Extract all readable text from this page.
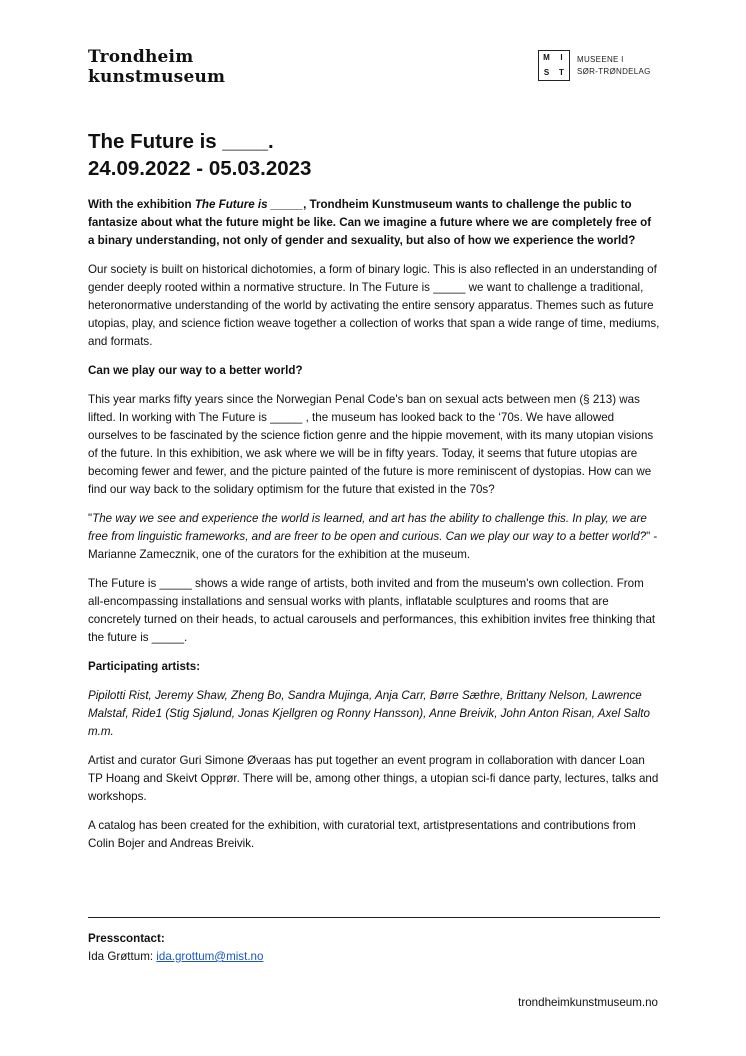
Trondheim
kunstmuseum
M	I
S	T
MUSEENE I
SØR-TRØNDELAG
The Future is ____.
24.09.2022 - 05.03.2023

With the exhibition The Future is _____, Trondheim Kunstmuseum wants to challenge the public to fantasize about what the future might be like. Can we imagine a future where we are completely free of a binary understanding, not only of gender and sexuality, but also of how we experience the world?

Our society is built on historical dichotomies, a form of binary logic. This is also reflected in an understanding of gender deeply rooted within a normative structure. In The Future is _____ we want to challenge a traditional, heteronormative understanding of the world by activating the entire sensory apparatus. Themes such as future utopias, play, and science fiction weave together a collection of works that span a wide range of time, mediums, and formats.

Can we play our way to a better world?

This year marks fifty years since the Norwegian Penal Code's ban on sexual acts between men (§ 213) was lifted. In working with The Future is _____ , the museum has looked back to the ‘70s. We have allowed ourselves to be fascinated by the science fiction genre and the hippie movement, with its many utopian visions of the future. In this exhibition, we ask where we will be in fifty years. Today, it seems that future utopias are becoming fewer and fewer, and the picture painted of the future is more reminiscent of dystopias. How can we find our way back to the solidary optimism for the future that existed in the 70s?

"The way we see and experience the world is learned, and art has the ability to challenge this. In play, we are free from linguistic frameworks, and are freer to be open and curious. Can we play our way to a better world?" - Marianne Zamecznik, one of the curators for the exhibition at the museum.

The Future is _____ shows a wide range of artists, both invited and from the museum's own collection. From all-encompassing installations and sensual works with plants, inflatable sculptures and rooms that are concretely turned on their heads, to actual carousels and performances, this exhibition invites free thinking that the future is _____.

Participating artists:

Pipilotti Rist, Jeremy Shaw, Zheng Bo, Sandra Mujinga, Anja Carr, Børre Sæthre, Brittany Nelson, Lawrence Malstaf, Ride1 (Stig Sjølund, Jonas Kjellgren og Ronny Hansson), Anne Breivik, John Anton Risan, Axel Salto m.m.

Artist and curator Guri Simone Øveraas has put together an event program in collaboration with dancer Loan TP Hoang and Skeivt Opprør. There will be, among other things, a utopian sci-fi dance party, lectures, talks and workshops.

A catalog has been created for the exhibition, with curatorial text, artistpresentations and contributions from Colin Bojer and Andreas Breivik.

Presscontact:
Ida Grøttum: ida.grottum@mist.no
trondheimkunstmuseum.no
